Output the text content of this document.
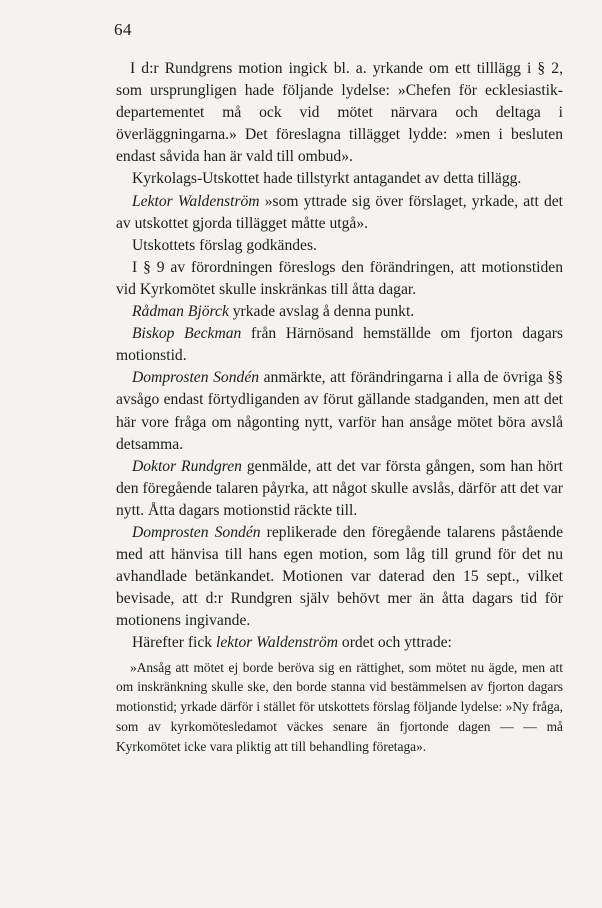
64

I d:r Rundgrens motion ingick bl. a. yrkande om ett tilllägg i § 2, som ursprungligen hade följande lydelse: »Chefen för ecklesiastik-departementet må ock vid mötet närvara och deltaga i överläggningarna.» Det föreslagna tillägget lydde: »men i besluten endast såvida han är vald till ombud».

Kyrkolags-Utskottet hade tillstyrkt antagandet av detta tillägg.

Lektor Waldenström »som yttrade sig över förslaget, yrkade, att det av utskottet gjorda tillägget måtte utgå».

Utskottets förslag godkändes.

I § 9 av förordningen föreslogs den förändringen, att motionstiden vid Kyrkomötet skulle inskränkas till åtta dagar.

Rådman Björck yrkade avslag å denna punkt.

Biskop Beckman från Härnösand hemställde om fjorton dagars motionstid.

Domprosten Sondén anmärkte, att förändringarna i alla de övriga §§ avsågo endast förtydliganden av förut gällande stadganden, men att det här vore fråga om någonting nytt, varför han ansåge mötet böra avslå detsamma.

Doktor Rundgren genmälde, att det var första gången, som han hört den föregående talaren påyrka, att något skulle avslås, därför att det var nytt. Åtta dagars motionstid räckte till.

Domprosten Sondén replikerade den föregående talarens påstående med att hänvisa till hans egen motion, som låg till grund för det nu avhandlade betänkandet. Motionen var daterad den 15 sept., vilket bevisade, att d:r Rundgren själv behövt mer än åtta dagars tid för motionens ingivande.

Härefter fick lektor Waldenström ordet och yttrade:

»Ansåg att mötet ej borde beröva sig en rättighet, som mötet nu ägde, men att om inskränkning skulle ske, den borde stanna vid bestämmelsen av fjorton dagars motionstid; yrkade därför i stället för utskottets förslag följande lydelse: »Ny fråga, som av kyrkomötesledamot väckes senare än fjortonde dagen — — må Kyrkomötet icke vara pliktig att till behandling företaga».
